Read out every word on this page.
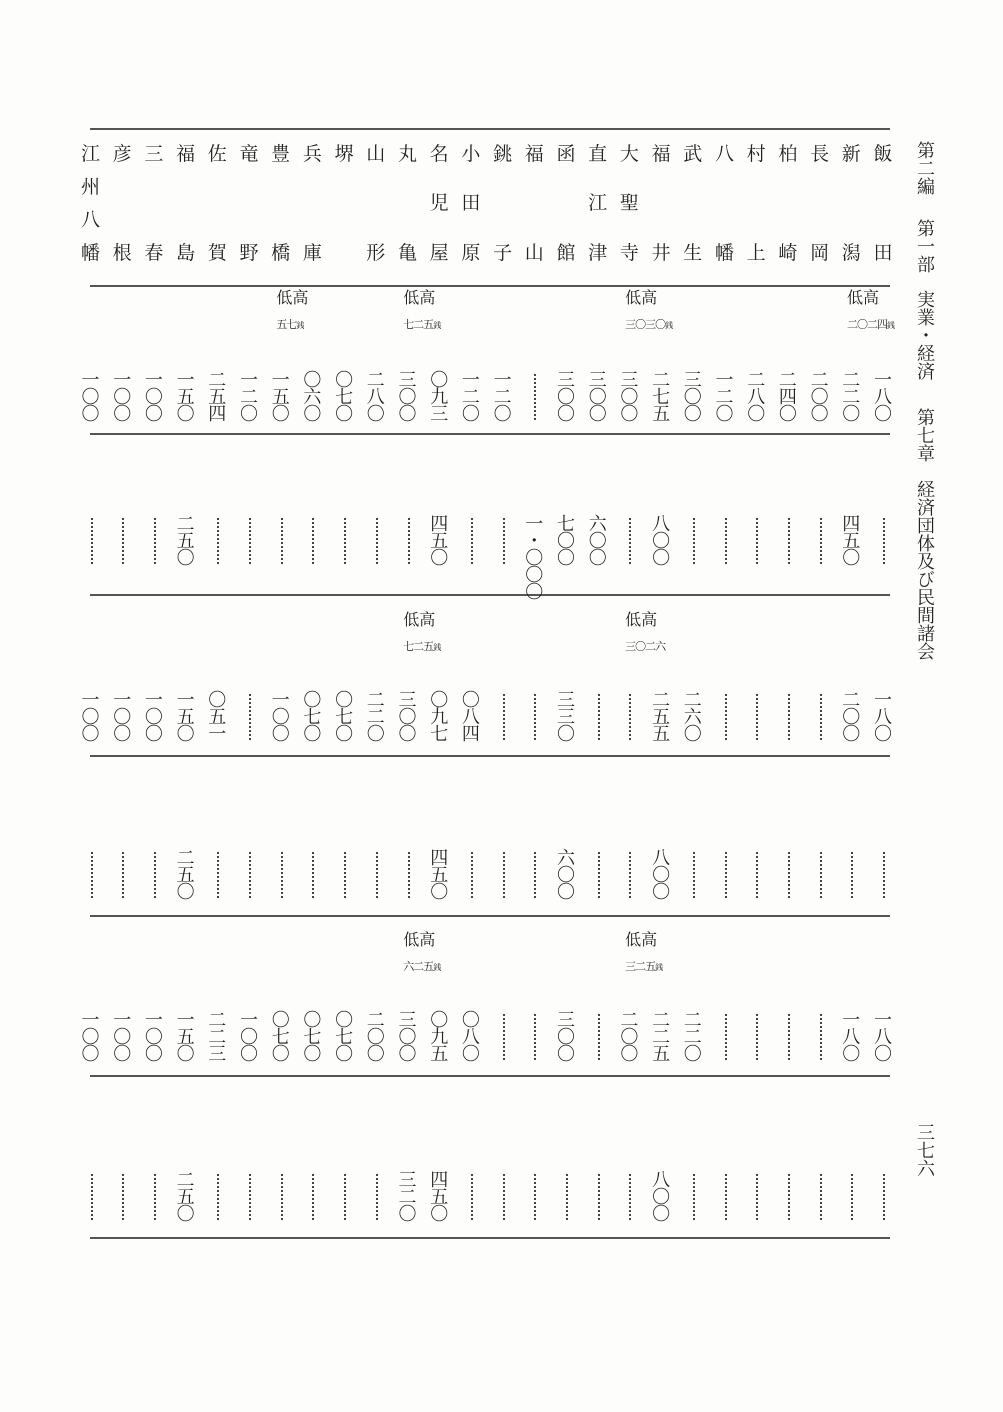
第二編 第一部 実業・経済 第七章 経済団体及び民間諸会
三七六
飯
田
新
潟
長
岡
柏
崎
村
上
八
幡
武
生
福
井
大
聖
寺
直
江
津
函
館
福
山
銚
子
小
田
原
名
児
屋
丸
亀
山
形
堺
兵
庫
豊
橋
竜
野
佐
賀
福
島
三
春
彦
根
江
州
八
幡
低高
二〇二四銭
低高
三〇三〇銭
低高
七二五銭
低高
五七銭
一
八
〇
二
二
〇
二
〇
〇
二
四
〇
二
八
〇
一
二
〇
三
〇
〇
二
七
五
三
〇
〇
三
〇
〇
三
〇
〇
一
二
〇
一
二
〇
〇
九
三
三
〇
〇
二
八
〇
〇
七
〇
〇
六
〇
一
五
〇
一
二
〇
二
五
四
一
五
〇
一
〇
〇
一
〇
〇
一
〇
〇
四
五
〇
八
〇
〇
六
〇
〇
七
〇
〇
一
・
〇
〇
〇
四
五
〇
二
五
〇
低高
三〇二六
低高
七二五銭
一
八
〇
二
〇
〇
二
六
〇
二
五
五
三
三
〇
〇
八
四
〇
九
七
三
〇
〇
二
二
〇
〇
七
〇
〇
七
〇
一
〇
〇
〇
五
一
一
五
〇
一
〇
〇
一
〇
〇
一
〇
〇
八
〇
〇
六
〇
〇
四
五
〇
二
五
〇
低高
三二五銭
低高
六二五銭
一
八
〇
一
八
〇
二
二
〇
二
二
五
二
〇
〇
三
〇
〇
〇
八
〇
〇
九
五
三
〇
〇
二
〇
〇
〇
七
〇
〇
七
〇
〇
七
〇
一
〇
〇
二
二
三
一
五
〇
一
〇
〇
一
〇
〇
一
〇
〇
八
〇
〇
四
五
〇
三
二
〇
二
五
〇
